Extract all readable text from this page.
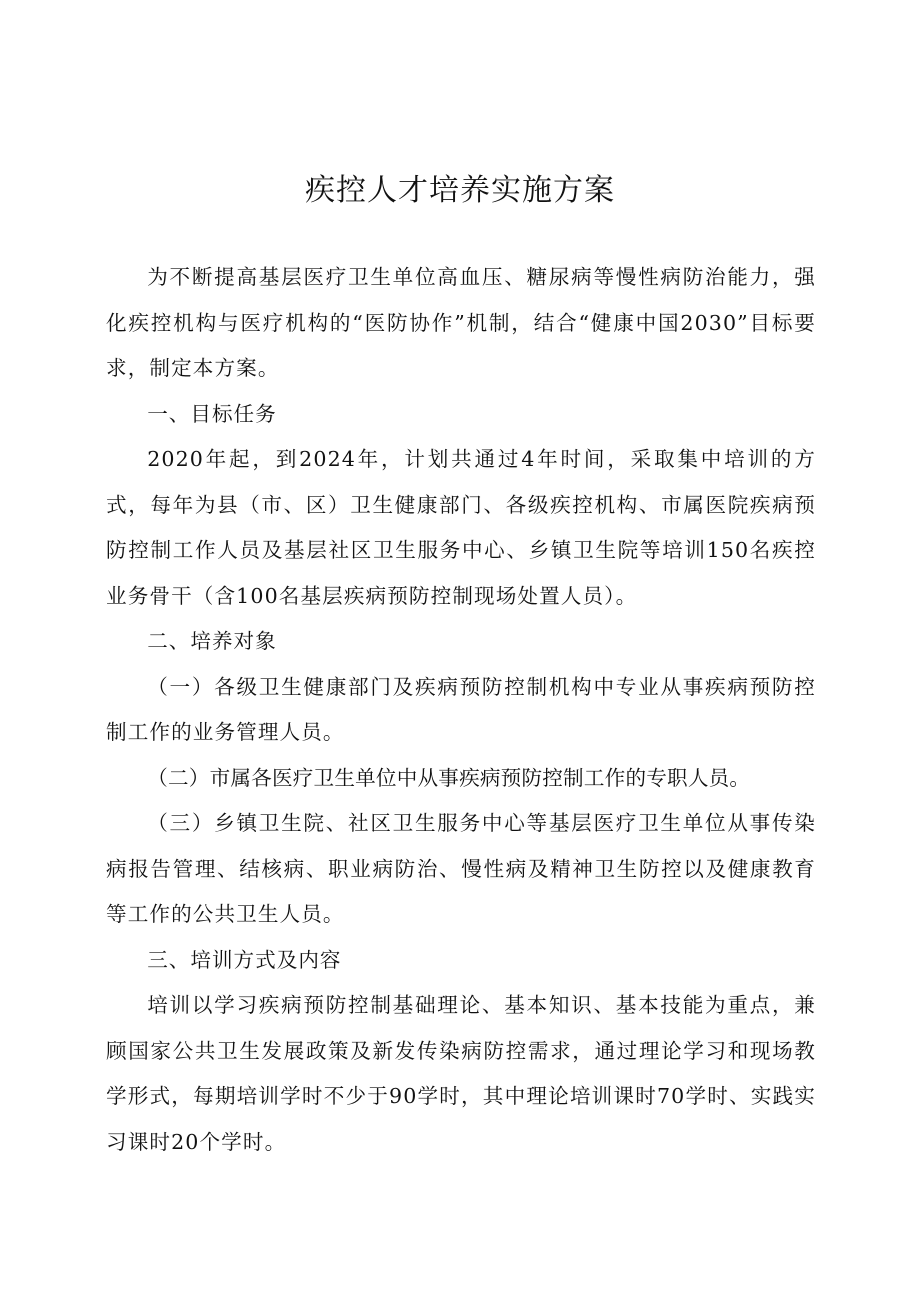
疾控人才培养实施方案

为不断提高基层医疗卫生单位高血压、糖尿病等慢性病防治能力，强化疾控机构与医疗机构的“医防协作”机制，结合“健康中国2030”目标要求，制定本方案。

一、目标任务

2020年起，到2024年，计划共通过4年时间，采取集中培训的方式，每年为县（市、区）卫生健康部门、各级疾控机构、市属医院疾病预防控制工作人员及基层社区卫生服务中心、乡镇卫生院等培训150名疾控业务骨干（含100名基层疾病预防控制现场处置人员）。

二、培养对象

（一）各级卫生健康部门及疾病预防控制机构中专业从事疾病预防控制工作的业务管理人员。

（二）市属各医疗卫生单位中从事疾病预防控制工作的专职人员。

（三）乡镇卫生院、社区卫生服务中心等基层医疗卫生单位从事传染病报告管理、结核病、职业病防治、慢性病及精神卫生防控以及健康教育等工作的公共卫生人员。

三、培训方式及内容

培训以学习疾病预防控制基础理论、基本知识、基本技能为重点，兼顾国家公共卫生发展政策及新发传染病防控需求，通过理论学习和现场教学形式，每期培训学时不少于90学时，其中理论培训课时70学时、实践实习课时20个学时。
